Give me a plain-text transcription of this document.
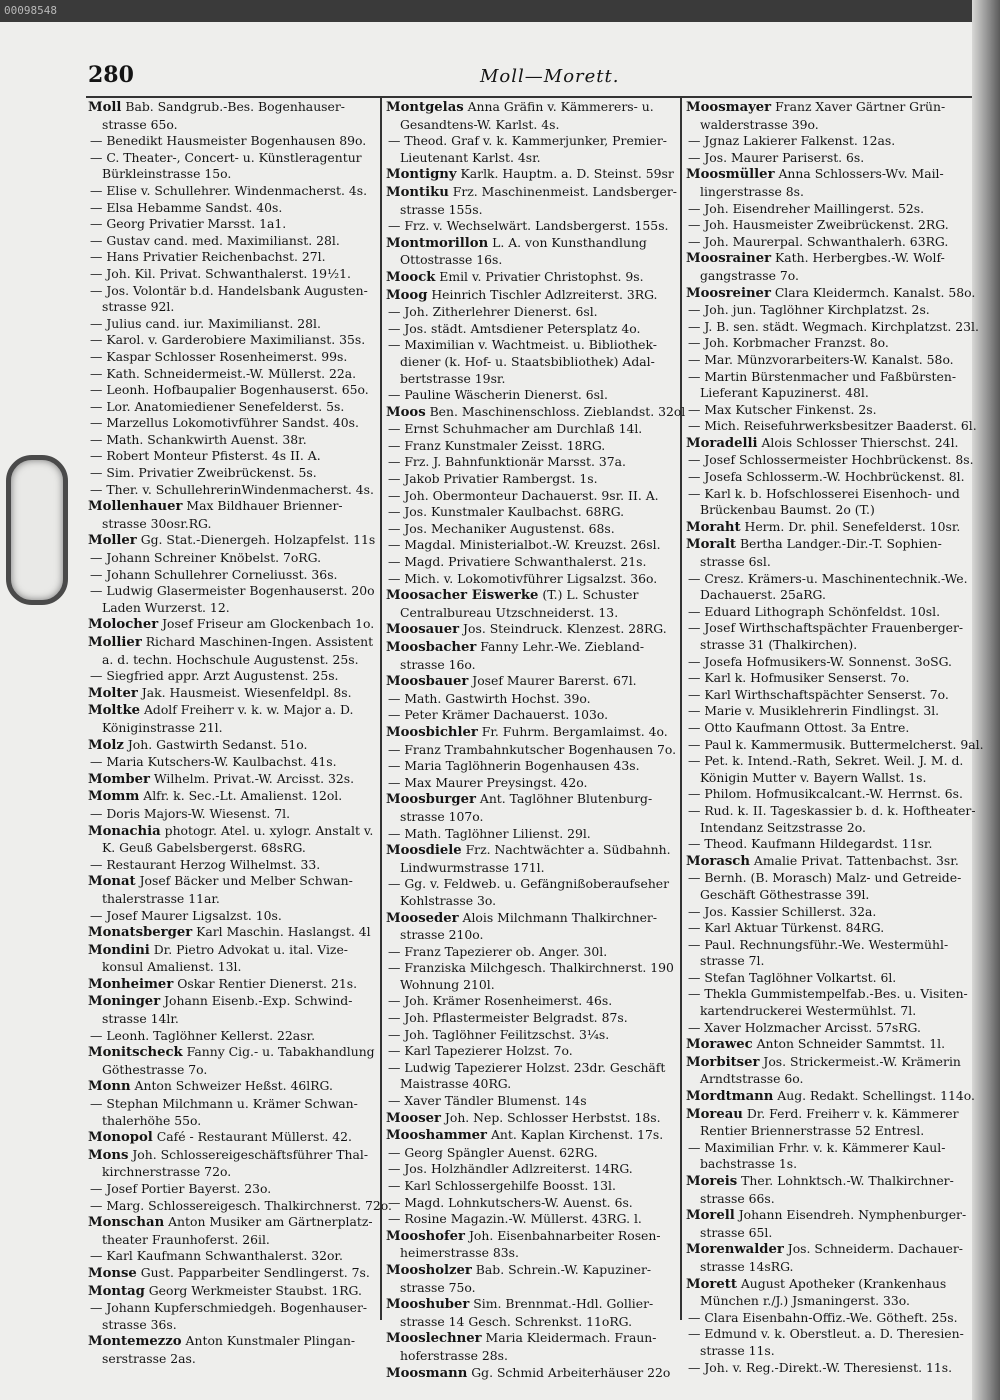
00098548
280	Moll—Morett.
Moll Bab. Sandgrub.-Bes. Bogenhauser-
strasse 65o.
— Benedikt Hausmeister Bogenhausen 89o.
— C. Theater-, Concert- u. Künstleragentur
Bürkleinstrasse 15o.
— Elise v. Schullehrer. Windenmacherst. 4s.
— Elsa Hebamme Sandst. 40s.
— Georg Privatier Marsst. 1a1.
— Gustav cand. med. Maximilianst. 28l.
— Hans Privatier Reichenbachst. 27l.
— Joh. Kil. Privat. Schwanthalerst. 19½1.
— Jos. Volontär b.d. Handelsbank Augusten-
strasse 92l.
— Julius cand. iur. Maximilianst. 28l.
— Karol. v. Garderobiere Maximilianst. 35s.
— Kaspar Schlosser Rosenheimerst. 99s.
— Kath. Schneidermeist.-W. Müllerst. 22a.
— Leonh. Hofbaupalier Bogenhauserst. 65o.
— Lor. Anatomiediener Senefelderst. 5s.
— Marzellus Lokomotivführer Sandst. 40s.
— Math. Schankwirth Auenst. 38r.
— Robert Monteur Pfisterst. 4s II. A.
— Sim. Privatier Zweibrückenst. 5s.
— Ther. v. SchullehrerinWindenmacherst. 4s.
Mollenhauer Max Bildhauer Brienner-
strasse 30osr.RG.
Moller Gg. Stat.-Dienergeh. Holzapfelst. 11s
— Johann Schreiner Knöbelst. 7oRG.
— Johann Schullehrer Corneliusst. 36s.
— Ludwig Glasermeister Bogenhauserst. 20o
Laden Wurzerst. 12.
Molocher Josef Friseur am Glockenbach 1o.
Mollier Richard Maschinen-Ingen. Assistent
a. d. techn. Hochschule Augustenst. 25s.
— Siegfried appr. Arzt Augustenst. 25s.
Molter Jak. Hausmeist. Wiesenfeldpl. 8s.
Moltke Adolf Freiherr v. k. w. Major a. D.
Königinstrasse 21l.
Molz Joh. Gastwirth Sedanst. 51o.
— Maria Kutschers-W. Kaulbachst. 41s.
Momber Wilhelm. Privat.-W. Arcisst. 32s.
Momm Alfr. k. Sec.-Lt. Amalienst. 12ol.
— Doris Majors-W. Wiesenst. 7l.
Monachia photogr. Atel. u. xylogr. Anstalt v.
K. Geuß Gabelsbergerst. 68sRG.
— Restaurant Herzog Wilhelmst. 33.
Monat Josef Bäcker und Melber Schwan-
thalerstrasse 11ar.
— Josef Maurer Ligsalzst. 10s.
Monatsberger Karl Maschin. Haslangst. 4l
Mondini Dr. Pietro Advokat u. ital. Vize-
konsul Amalienst. 13l.
Monheimer Oskar Rentier Dienerst. 21s.
Moninger Johann Eisenb.-Exp. Schwind-
strasse 14lr.
— Leonh. Taglöhner Kellerst. 22asr.
Monitscheck Fanny Cig.- u. Tabakhandlung
Göthestrasse 7o.
Monn Anton Schweizer Heßst. 46lRG.
— Stephan Milchmann u. Krämer Schwan-
thalerhöhe 55o.
Monopol Café - Restaurant Müllerst. 42.
Mons Joh. Schlossereigeschäftsführer Thal-
kirchnerstrasse 72o.
— Josef Portier Bayerst. 23o.
— Marg. Schlossereigesch. Thalkirchnerst. 72o.
Monschan Anton Musiker am Gärtnerplatz-
theater Fraunhoferst. 26il.
— Karl Kaufmann Schwanthalerst. 32or.
Monse Gust. Papparbeiter Sendlingerst. 7s.
Montag Georg Werkmeister Staubst. 1RG.
— Johann Kupferschmiedgeh. Bogenhauser-
strasse 36s.
Montemezzo Anton Kunstmaler Plingan-
serstrasse 2as.
Montgelas Anna Gräfin v. Kämmerers- u.
Gesandtens-W. Karlst. 4s.
— Theod. Graf v. k. Kammerjunker, Premier-
Lieutenant Karlst. 4sr.
Montigny Karlk. Hauptm. a. D. Steinst. 59sr
Montiku Frz. Maschinenmeist. Landsberger-
strasse 155s.
— Frz. v. Wechselwärt. Landsbergerst. 155s.
Montmorillon L. A. von Kunsthandlung
Ottostrasse 16s.
Moock Emil v. Privatier Christophst. 9s.
Moog Heinrich Tischler Adlzreiterst. 3RG.
— Joh. Zitherlehrer Dienerst. 6sl.
— Jos. städt. Amtsdiener Petersplatz 4o.
— Maximilian v. Wachtmeist. u. Bibliothek-
diener (k. Hof- u. Staatsbibliothek) Adal-
bertstrasse 19sr.
— Pauline Wäscherin Dienerst. 6sl.
Moos Ben. Maschinenschloss. Zieblandst. 32ol
— Ernst Schuhmacher am Durchlaß 14l.
— Franz Kunstmaler Zeisst. 18RG.
— Frz. J. Bahnfunktionär Marsst. 37a.
— Jakob Privatier Rambergst. 1s.
— Joh. Obermonteur Dachauerst. 9sr. II. A.
— Jos. Kunstmaler Kaulbachst. 68RG.
— Jos. Mechaniker Augustenst. 68s.
— Magdal. Ministerialbot.-W. Kreuzst. 26sl.
— Magd. Privatiere Schwanthalerst. 21s.
— Mich. v. Lokomotivführer Ligsalzst. 36o.
Moosacher Eiswerke (T.) L. Schuster
Centralbureau Utzschneiderst. 13.
Moosauer Jos. Steindruck. Klenzest. 28RG.
Moosbacher Fanny Lehr.-We. Ziebland-
strasse 16o.
Moosbauer Josef Maurer Barerst. 67l.
— Math. Gastwirth Hochst. 39o.
— Peter Krämer Dachauerst. 103o.
Moosbichler Fr. Fuhrm. Bergamlaimst. 4o.
— Franz Trambahnkutscher Bogenhausen 7o.
— Maria Taglöhnerin Bogenhausen 43s.
— Max Maurer Preysingst. 42o.
Moosburger Ant. Taglöhner Blutenburg-
strasse 107o.
— Math. Taglöhner Lilienst. 29l.
Moosdiele Frz. Nachtwächter a. Südbahnh.
Lindwurmstrasse 171l.
— Gg. v. Feldweb. u. Gefängnißoberaufseher
Kohlstrasse 3o.
Mooseder Alois Milchmann Thalkirchner-
strasse 210o.
— Franz Tapezierer ob. Anger. 30l.
— Franziska Milchgesch. Thalkirchnerst. 190
Wohnung 210l.
— Joh. Krämer Rosenheimerst. 46s.
— Joh. Pflastermeister Belgradst. 87s.
— Joh. Taglöhner Feilitzschst. 3¼s.
— Karl Tapezierer Holzst. 7o.
— Ludwig Tapezierer Holzst. 23dr. Geschäft
Maistrasse 40RG.
— Xaver Tändler Blumenst. 14s
Mooser Joh. Nep. Schlosser Herbstst. 18s.
Mooshammer Ant. Kaplan Kirchenst. 17s.
— Georg Spängler Auenst. 62RG.
— Jos. Holzhändler Adlzreiterst. 14RG.
— Karl Schlossergehilfe Boosst. 13l.
— Magd. Lohnkutschers-W. Auenst. 6s.
— Rosine Magazin.-W. Müllerst. 43RG. l.
Mooshofer Joh. Eisenbahnarbeiter Rosen-
heimerstrasse 83s.
Moosholzer Bab. Schrein.-W. Kapuziner-
strasse 75o.
Mooshuber Sim. Brennmat.-Hdl. Gollier-
strasse 14 Gesch. Schrenkst. 11oRG.
Mooslechner Maria Kleidermach. Fraun-
hoferstrasse 28s.
Moosmann Gg. Schmid Arbeiterhäuser 22o
Moosmayer Franz Xaver Gärtner Grün-
walderstrasse 39o.
— Jgnaz Lakierer Falkenst. 12as.
— Jos. Maurer Pariserst. 6s.
Moosmüller Anna Schlossers-Wv. Mail-
lingerstrasse 8s.
— Joh. Eisendreher Maillingerst. 52s.
— Joh. Hausmeister Zweibrückenst. 2RG.
— Joh. Maurerpal. Schwanthalerh. 63RG.
Moosrainer Kath. Herbergbes.-W. Wolf-
gangstrasse 7o.
Moosreiner Clara Kleidermch. Kanalst. 58o.
— Joh. jun. Taglöhner Kirchplatzst. 2s.
— J. B. sen. städt. Wegmach. Kirchplatzst. 23l.
— Joh. Korbmacher Franzst. 8o.
— Mar. Münzvorarbeiters-W. Kanalst. 58o.
— Martin Bürstenmacher und Faßbürsten-
Lieferant Kapuzinerst. 48l.
— Max Kutscher Finkenst. 2s.
— Mich. Reisefuhrwerksbesitzer Baaderst. 6l.
Moradelli Alois Schlosser Thierschst. 24l.
— Josef Schlossermeister Hochbrückenst. 8s.
— Josefa Schlosserm.-W. Hochbrückenst. 8l.
— Karl k. b. Hofschlosserei Eisenhoch- und
Brückenbau Baumst. 2o (T.)
Moraht Herm. Dr. phil. Senefelderst. 10sr.
Moralt Bertha Landger.-Dir.-T. Sophien-
strasse 6sl.
— Cresz. Krämers-u. Maschinentechnik.-We.
Dachauerst. 25aRG.
— Eduard Lithograph Schönfeldst. 10sl.
— Josef Wirthschaftspächter Frauenberger-
strasse 31 (Thalkirchen).
— Josefa Hofmusikers-W. Sonnenst. 3oSG.
— Karl k. Hofmusiker Senserst. 7o.
— Karl Wirthschaftspächter Senserst. 7o.
— Marie v. Musiklehrerin Findlingst. 3l.
— Otto Kaufmann Ottost. 3a Entre.
— Paul k. Kammermusik. Buttermelcherst. 9al.
— Pet. k. Intend.-Rath, Sekret. Weil. J. M. d.
Königin Mutter v. Bayern Wallst. 1s.
— Philom. Hofmusikcalcant.-W. Herrnst. 6s.
— Rud. k. II. Tageskassier b. d. k. Hoftheater-
Intendanz Seitzstrasse 2o.
— Theod. Kaufmann Hildegardst. 11sr.
Morasch Amalie Privat. Tattenbachst. 3sr.
— Bernh. (B. Morasch) Malz- und Getreide-
Geschäft Göthestrasse 39l.
— Jos. Kassier Schillerst. 32a.
— Karl Aktuar Türkenst. 84RG.
— Paul. Rechnungsführ.-We. Westermühl-
strasse 7l.
— Stefan Taglöhner Volkartst. 6l.
— Thekla Gummistempelfab.-Bes. u. Visiten-
kartendruckerei Westermühlst. 7l.
— Xaver Holzmacher Arcisst. 57sRG.
Morawec Anton Schneider Sammtst. 1l.
Morbitser Jos. Strickermeist.-W. Krämerin
Arndtstrasse 6o.
Mordtmann Aug. Redakt. Schellingst. 114o.
Moreau Dr. Ferd. Freiherr v. k. Kämmerer
Rentier Briennerstrasse 52 Entresl.
— Maximilian Frhr. v. k. Kämmerer Kaul-
bachstrasse 1s.
Moreis Ther. Lohnktsch.-W. Thalkirchner-
strasse 66s.
Morell Johann Eisendreh. Nymphenburger-
strasse 65l.
Morenwalder Jos. Schneiderm. Dachauer-
strasse 14sRG.
Morett August Apotheker (Krankenhaus
München r./J.) Jsmaningerst. 33o.
— Clara Eisenbahn-Offiz.-We. Götheft. 25s.
— Edmund v. k. Oberstleut. a. D. Theresien-
strasse 11s.
— Joh. v. Reg.-Direkt.-W. Theresienst. 11s.
